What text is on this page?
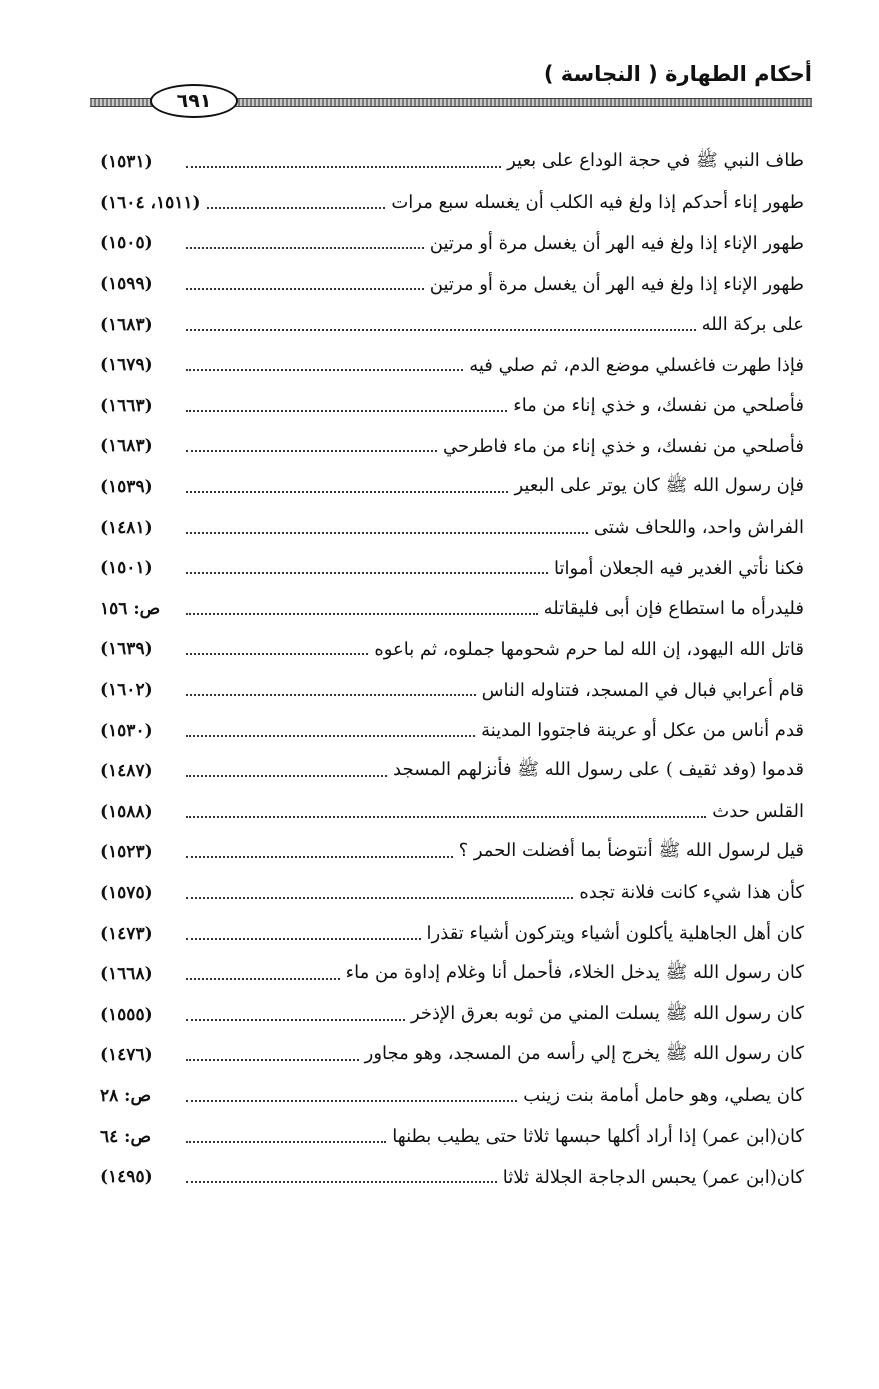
أحكام الطهارة ( النجاسة )
٦٩١
طاف النبي ﷺ في حجة الوداع على بعير
(١٥٣١)
طهور إناء أحدكم إذا ولغ فيه الكلب أن يغسله سبع مرات
(١٥١١، ١٦٠٤)
طهور الإناء إذا ولغ فيه الهر أن يغسل مرة أو مرتين
(١٥٠٥)
طهور الإناء إذا ولغ فيه الهر أن يغسل مرة أو مرتين
(١٥٩٩)
على بركة الله
(١٦٨٣)
فإذا طهرت فاغسلي موضع الدم، ثم صلي فيه
(١٦٧٩)
فأصلحي من نفسك، و خذي إناء من ماء
(١٦٦٣)
فأصلحي من نفسك، و خذي إناء من ماء فاطرحي
(١٦٨٣)
فإن رسول الله ﷺ كان يوتر على البعير
(١٥٣٩)
الفراش واحد، واللحاف شتى
(١٤٨١)
فكنا نأتي الغدير فيه الجعلان أمواتا
(١٥٠١)
فليدرأه ما استطاع فإن أبى فليقاتله
ص: ١٥٦
قاتل الله اليهود، إن الله لما حرم شحومها جملوه، ثم باعوه
(١٦٣٩)
قام أعرابي فبال في المسجد، فتناوله الناس
(١٦٠٢)
قدم أناس من عكل أو عرينة فاجتووا المدينة
(١٥٣٠)
قدموا (وفد ثقيف ) على رسول الله ﷺ فأنزلهم المسجد
(١٤٨٧)
القلس حدث
(١٥٨٨)
قيل لرسول الله ﷺ أنتوضأ بما أفضلت الحمر ؟
(١٥٢٣)
كأن هذا شيء كانت فلانة تجده
(١٥٧٥)
كان أهل الجاهلية يأكلون أشياء ويتركون أشياء تقذرا
(١٤٧٣)
كان رسول الله ﷺ يدخل الخلاء، فأحمل أنا وغلام إداوة من ماء
(١٦٦٨)
كان رسول الله ﷺ يسلت المني من ثوبه بعرق الإذخر
(١٥٥٥)
كان رسول الله ﷺ يخرج إلي رأسه من المسجد، وهو مجاور
(١٤٧٦)
كان يصلي، وهو حامل أمامة بنت زينب
ص: ٢٨
كان(ابن عمر) إذا أراد أكلها حبسها ثلاثا حتى يطيب بطنها
ص: ٦٤
كان(ابن عمر) يحبس الدجاجة الجلالة ثلاثا
(١٤٩٥)
